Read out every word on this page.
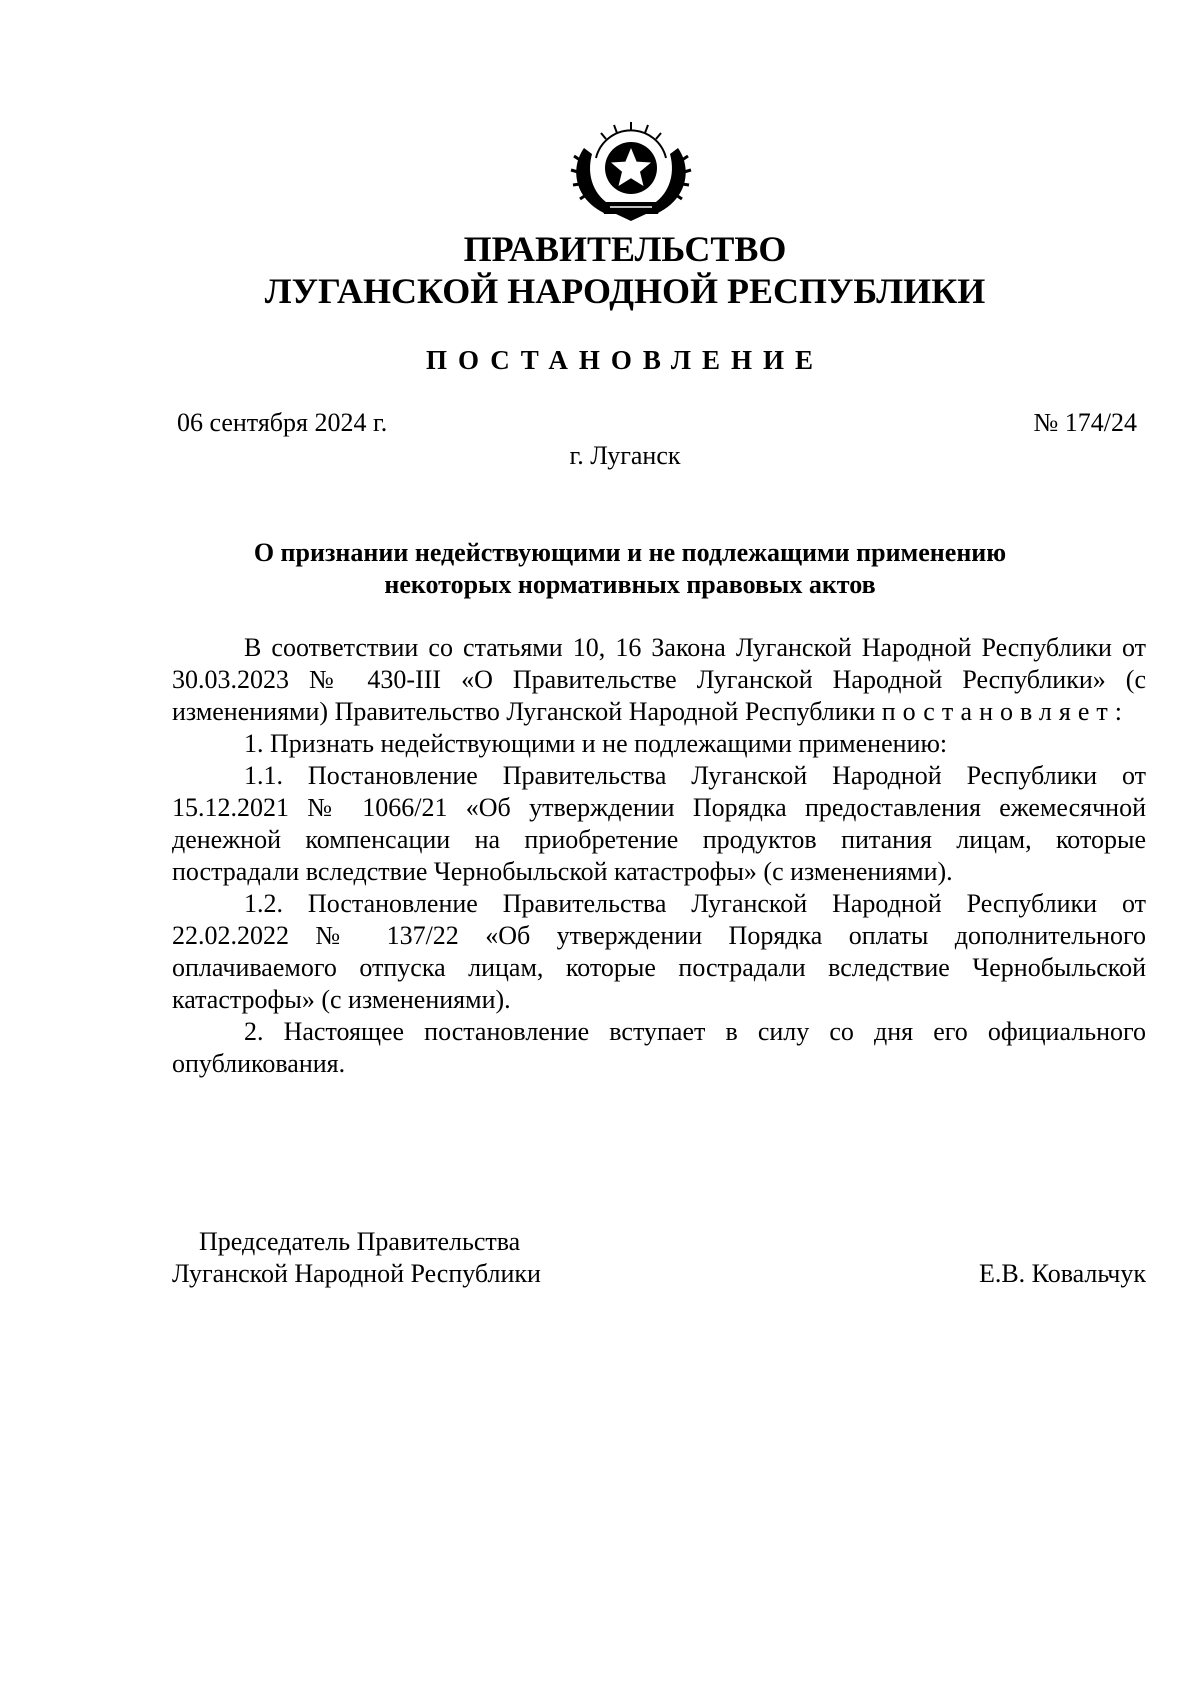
ПРАВИТЕЛЬСТВО
ЛУГАНСКОЙ НАРОДНОЙ РЕСПУБЛИКИ
ПОСТАНОВЛЕНИЕ
06 сентября 2024 г.	№ 174/24
г. Луганск
О признании недействующими и не подлежащими применению
некоторых нормативных правовых актов

В соответствии со статьями 10, 16 Закона Луганской Народной Республики от 30.03.2023 № 430-III «О Правительстве Луганской Народной Республики» (с изменениями) Правительство Луганской Народной Республики постановляет:

1. Признать недействующими и не подлежащими применению:

1.1. Постановление Правительства Луганской Народной Республики от 15.12.2021 № 1066/21 «Об утверждении Порядка предоставления ежемесячной денежной компенсации на приобретение продуктов питания лицам, которые пострадали вследствие Чернобыльской катастрофы» (с изменениями).

1.2. Постановление Правительства Луганской Народной Республики от 22.02.2022 № 137/22 «Об утверждении Порядка оплаты дополнительного оплачиваемого отпуска лицам, которые пострадали вследствие Чернобыльской катастрофы» (с изменениями).

2. Настоящее постановление вступает в силу со дня его официального опубликования.

Председатель Правительства
Луганской Народной Республики	Е.В. Ковальчук
